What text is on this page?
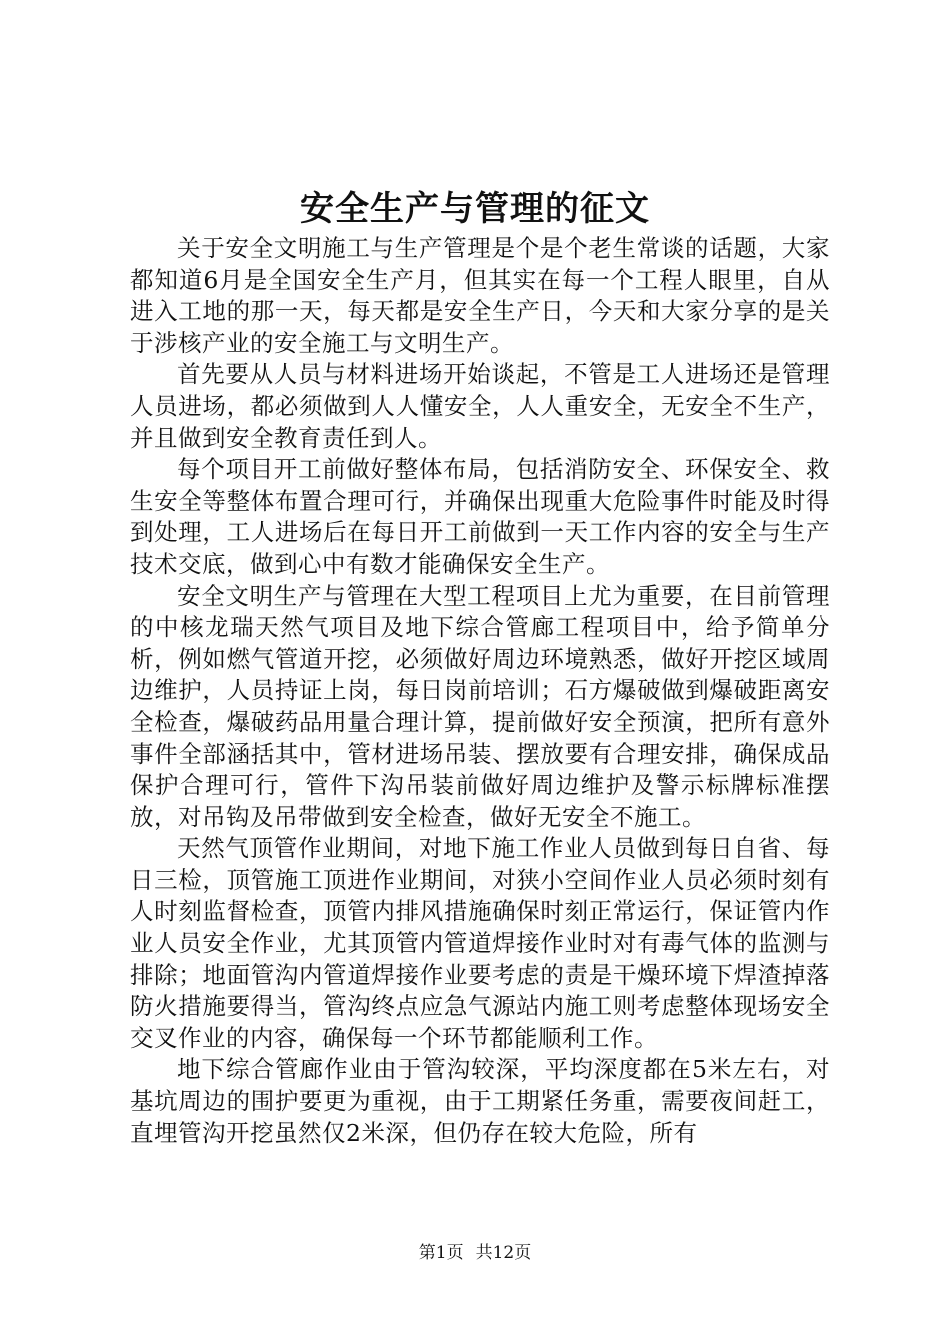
安全生产与管理的征文

关于安全文明施工与生产管理是个是个老生常谈的话题，大家都知道6月是全国安全生产月，但其实在每一个工程人眼里，自从进入工地的那一天，每天都是安全生产日，今天和大家分享的是关于涉核产业的安全施工与文明生产。

首先要从人员与材料进场开始谈起，不管是工人进场还是管理人员进场，都必须做到人人懂安全，人人重安全，无安全不生产，并且做到安全教育责任到人。

每个项目开工前做好整体布局，包括消防安全、环保安全、救生安全等整体布置合理可行，并确保出现重大危险事件时能及时得到处理，工人进场后在每日开工前做到一天工作内容的安全与生产技术交底，做到心中有数才能确保安全生产。

安全文明生产与管理在大型工程项目上尤为重要，在目前管理的中核龙瑞天然气项目及地下综合管廊工程项目中，给予简单分析，例如燃气管道开挖，必须做好周边环境熟悉，做好开挖区域周边维护，人员持证上岗，每日岗前培训；石方爆破做到爆破距离安全检查，爆破药品用量合理计算，提前做好安全预演，把所有意外事件全部涵括其中，管材进场吊装、摆放要有合理安排，确保成品保护合理可行，管件下沟吊装前做好周边维护及警示标牌标准摆放，对吊钩及吊带做到安全检查，做好无安全不施工。

天然气顶管作业期间，对地下施工作业人员做到每日自省、每日三检，顶管施工顶进作业期间，对狭小空间作业人员必须时刻有人时刻监督检查，顶管内排风措施确保时刻正常运行，保证管内作业人员安全作业，尤其顶管内管道焊接作业时对有毒气体的监测与排除；地面管沟内管道焊接作业要考虑的责是干燥环境下焊渣掉落防火措施要得当，管沟终点应急气源站内施工则考虑整体现场安全交叉作业的内容，确保每一个环节都能顺利工作。

地下综合管廊作业由于管沟较深，平均深度都在5米左右，对基坑周边的围护要更为重视，由于工期紧任务重，需要夜间赶工，直埋管沟开挖虽然仅2米深，但仍存在较大危险，所有

第1页 共12页
